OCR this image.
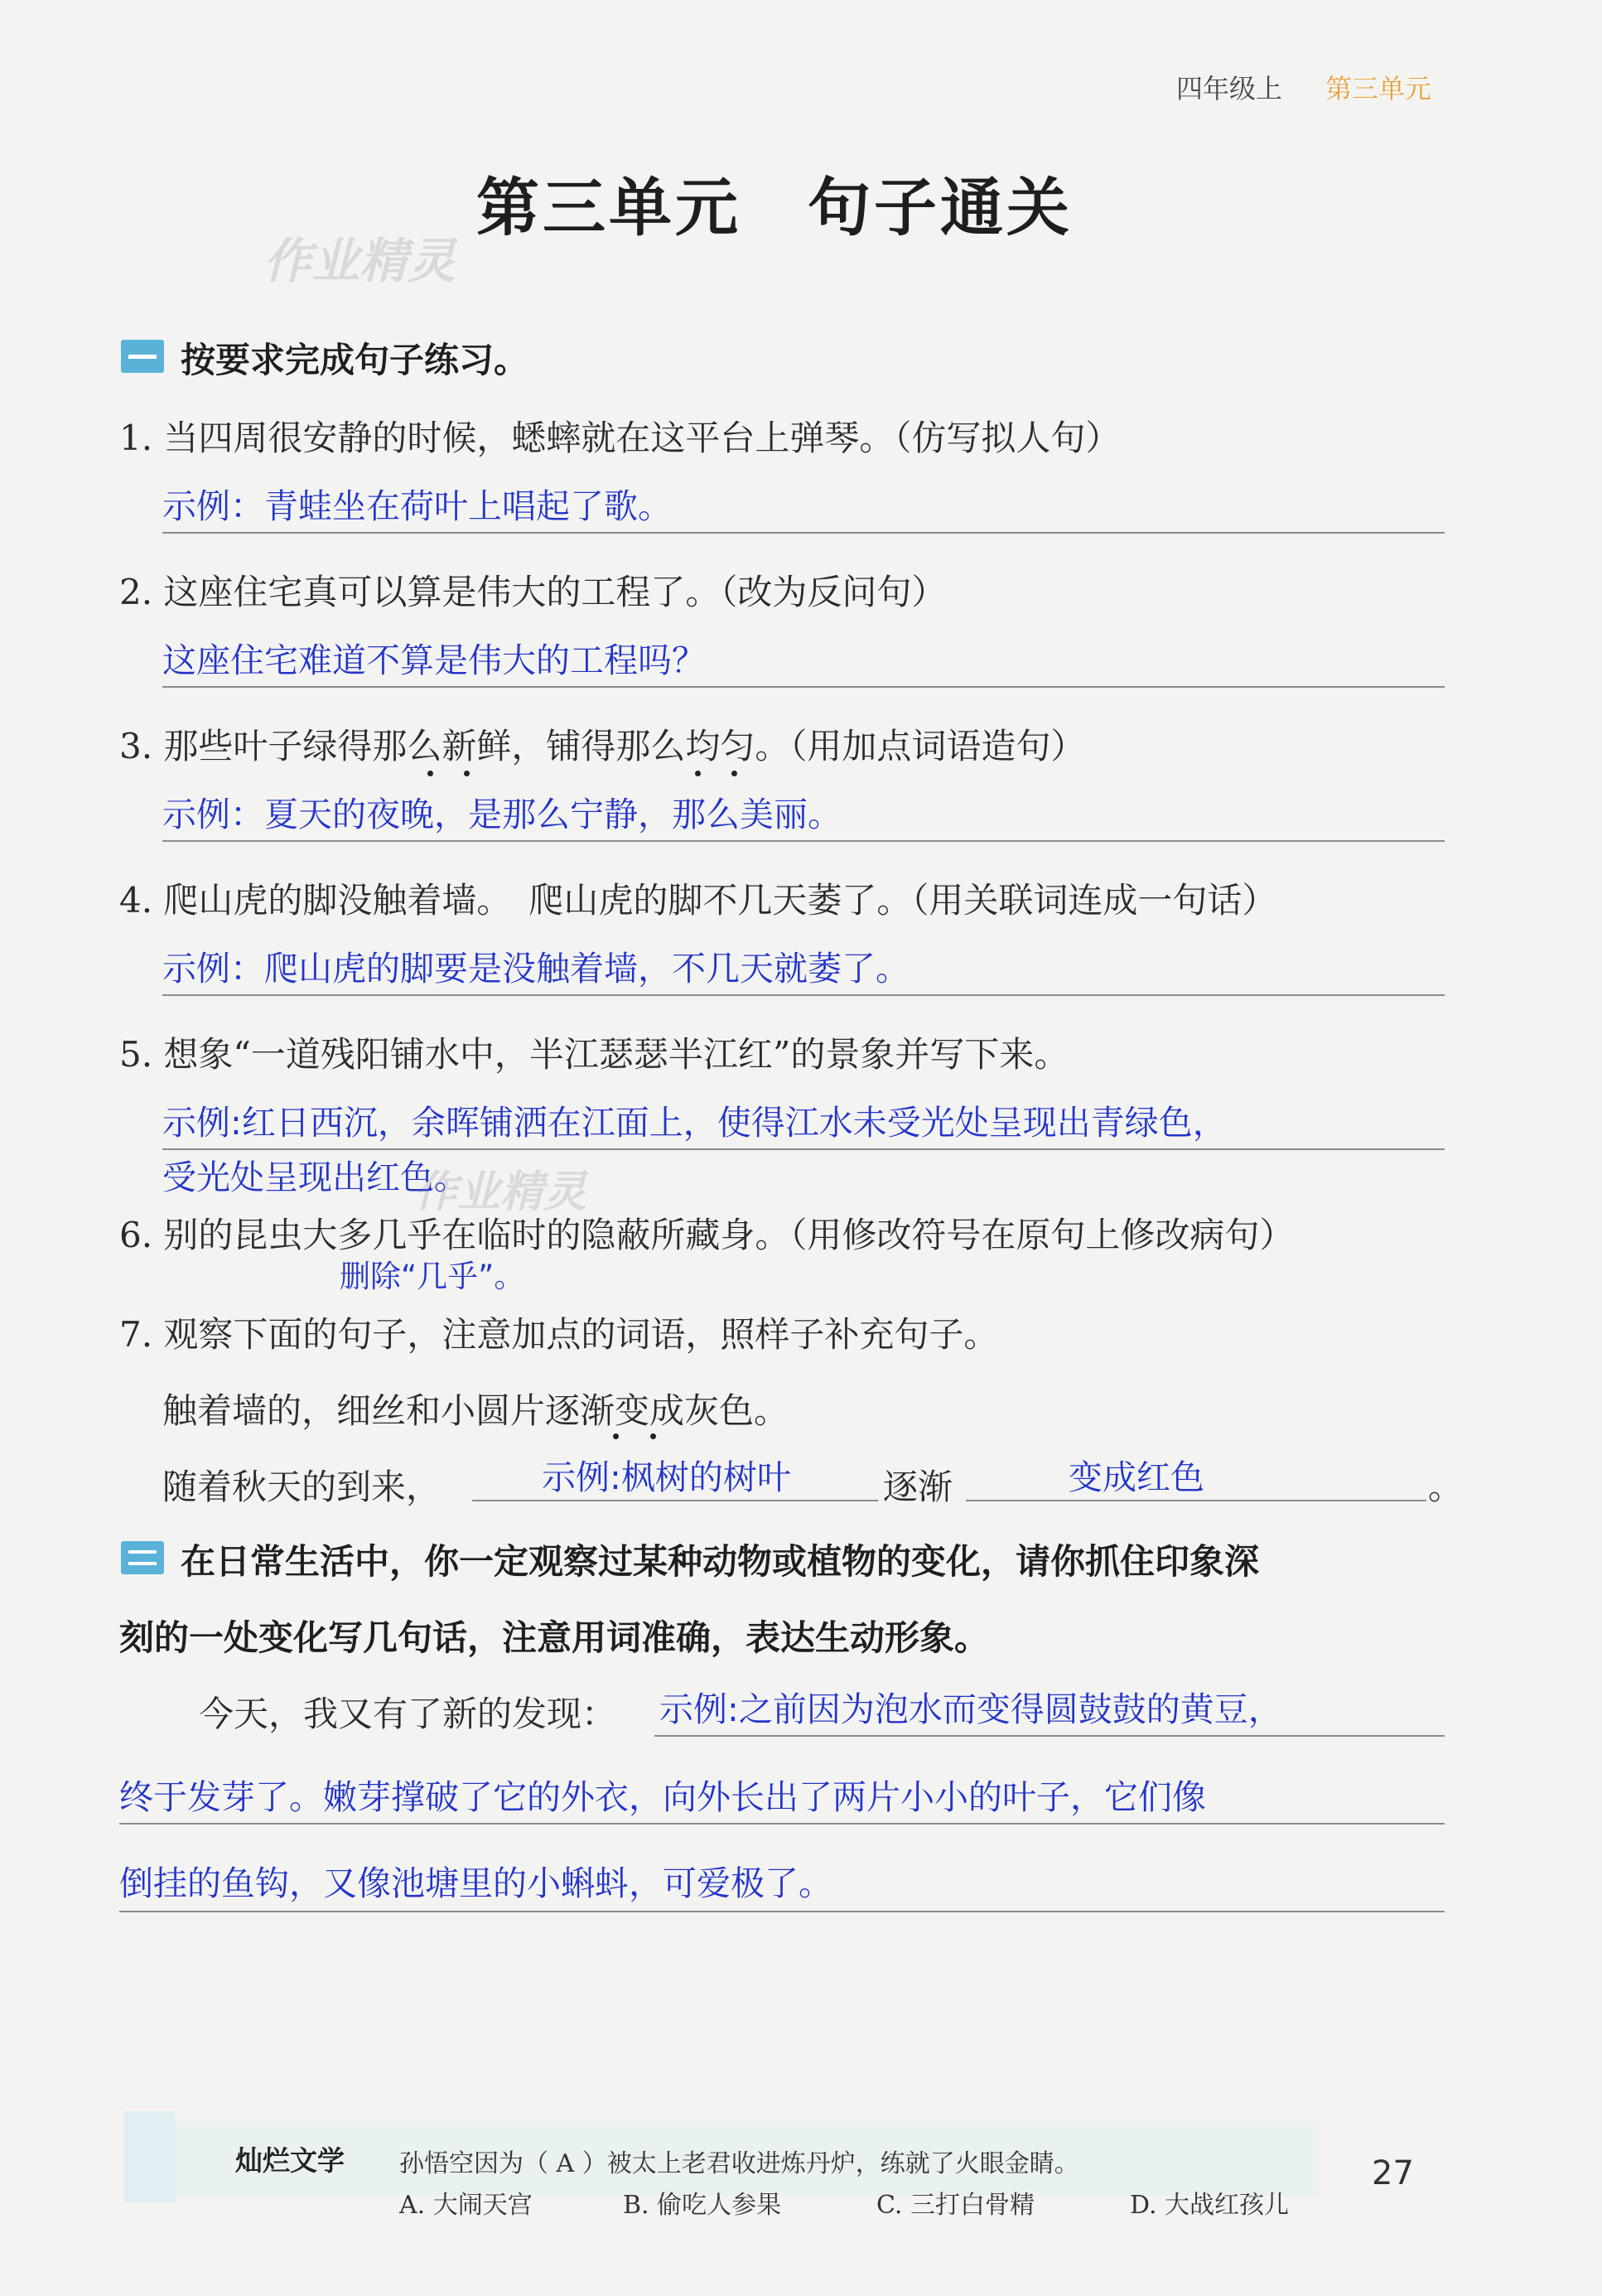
四年级上 第三单元
第三单元　句子通关
作业精灵
按要求完成句子练习。
1. 当四周很安静的时候，蟋蟀就在这平台上弹琴。（仿写拟人句）
示例：青蛙坐在荷叶上唱起了歌。
2. 这座住宅真可以算是伟大的工程了。（改为反问句）
这座住宅难道不算是伟大的工程吗？
3. 那些叶子绿得那么新鲜，铺得那么均匀。（用加点词语造句）
示例：夏天的夜晚，是那么宁静，那么美丽。
4. 爬山虎的脚没触着墙。　爬山虎的脚不几天萎了。（用关联词连成一句话）
示例：爬山虎的脚要是没触着墙，不几天就萎了。
5. 想象“一道残阳铺水中，半江瑟瑟半江红”的景象并写下来。
示例:红日西沉，余晖铺洒在江面上，使得江水未受光处呈现出青绿色，
受光处呈现出红色。
作业精灵
6. 别的昆虫大多几乎在临时的隐蔽所藏身。（用修改符号在原句上修改病句）
删除“几乎”。
7. 观察下面的句子，注意加点的词语，照样子补充句子。
触着墙的，细丝和小圆片逐渐变成灰色。
随着秋天的到来，	示例:枫树的树叶	逐渐	变成红色	。
在日常生活中，你一定观察过某种动物或植物的变化，请你抓住印象深
刻的一处变化写几句话，注意用词准确，表达生动形象。
今天，我又有了新的发现： 示例:之前因为泡水而变得圆鼓鼓的黄豆，
终于发芽了。嫩芽撑破了它的外衣，向外长出了两片小小的叶子，它们像
倒挂的鱼钩，又像池塘里的小蝌蚪，可爱极了。
灿烂文学 孙悟空因为（ A ）被太上老君收进炼丹炉，练就了火眼金睛。
A. 大闹天宫	B. 偷吃人参果	C. 三打白骨精	D. 大战红孩儿
27
